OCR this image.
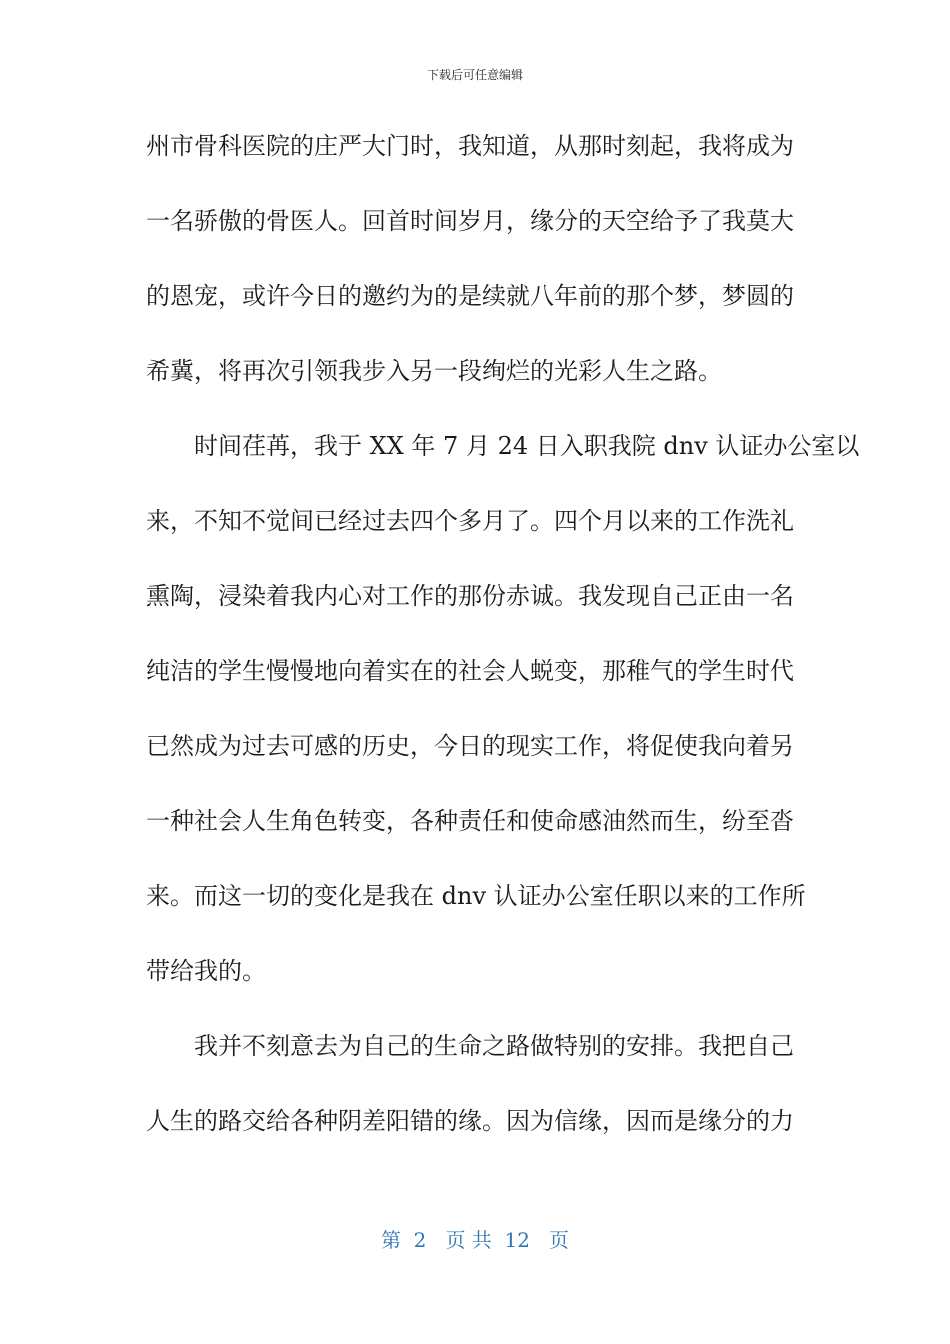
下载后可任意编辑
州市骨科医院的庄严大门时，我知道，从那时刻起，我将成为
一名骄傲的骨医人。回首时间岁月，缘分的天空给予了我莫大
的恩宠，或许今日的邀约为的是续就八年前的那个梦，梦圆的
希冀，将再次引领我步入另一段绚烂的光彩人生之路。
时间荏苒，我于 XX 年 7 月 24 日入职我院 dnv 认证办公室以
来，不知不觉间已经过去四个多月了。四个月以来的工作洗礼
熏陶，浸染着我内心对工作的那份赤诚。我发现自己正由一名
纯洁的学生慢慢地向着实在的社会人蜕变，那稚气的学生时代
已然成为过去可感的历史，今日的现实工作，将促使我向着另
一种社会人生角色转变，各种责任和使命感油然而生，纷至沓
来。而这一切的变化是我在 dnv 认证办公室任职以来的工作所
带给我的。
我并不刻意去为自己的生命之路做特别的安排。我把自己
人生的路交给各种阴差阳错的缘。因为信缘，因而是缘分的力
第  2   页 共  12   页
